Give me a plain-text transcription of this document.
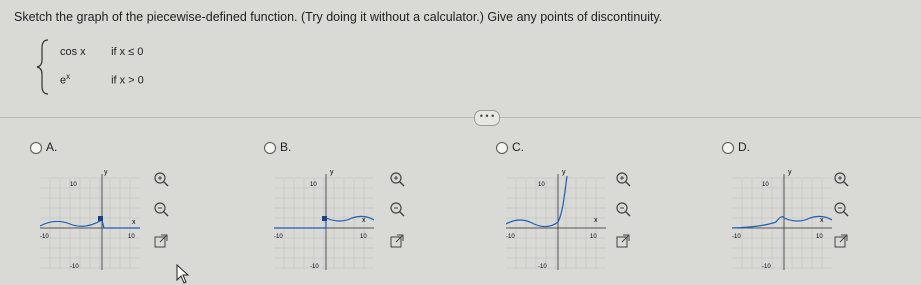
Sketch the graph of the piecewise-defined function. (Try doing it without a calculator.) Give any points of discontinuity.
cos x if x ≤ 0
$e^x$	if x > 0
• • •
A.
y
x
10
-10
-10	10
B.
y
x
10
-10
-10	10
C.
y
x
10
-10
-10	10
D.
y
x
10
-10
-10	10
